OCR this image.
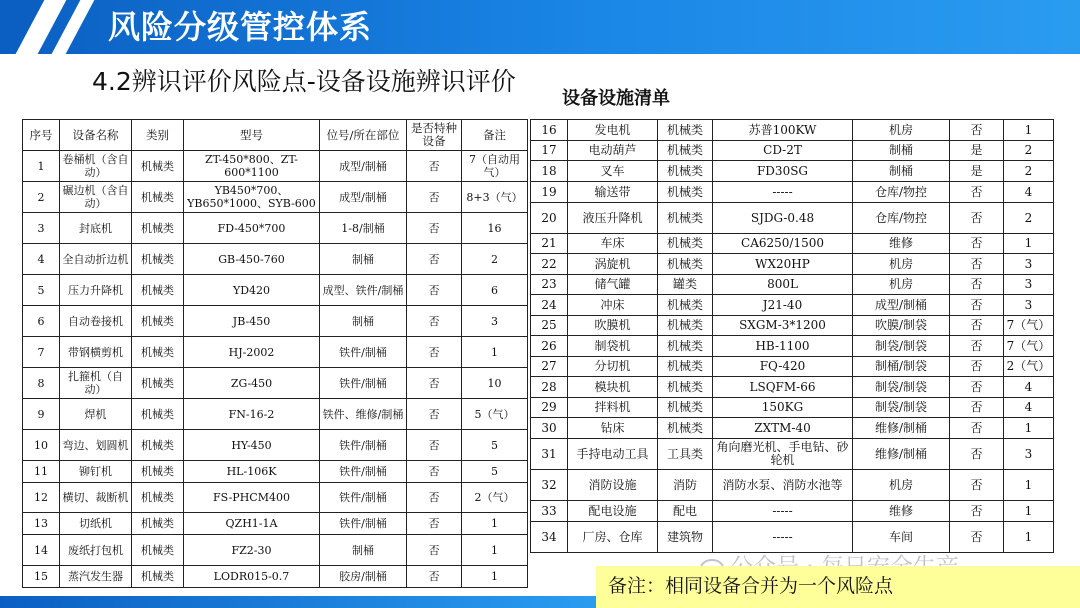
风险分级管控体系
4.2辨识评价风险点-设备设施辨识评价
设备设施清单
序号	设备名称	类别	型号	位号/所在部位	是否特种设备	备注
1	卷桶机（含自动）	机械类	ZT-450*800、ZT-600*1100	成型/制桶	否	7（自动用气）
2	碾边机（含自动）	机械类	YB450*700、YB650*1000、SYB-600	成型/制桶	否	8+3（气）
3	封底机	机械类	FD-450*700	1-8/制桶	否	16
4	全自动折边机	机械类	GB-450-760	制桶	否	2
5	压力升降机	机械类	YD420	成型、铁件/制桶	否	6
6	自动卷接机	机械类	JB-450	制桶	否	3
7	带钢横剪机	机械类	HJ-2002	铁件/制桶	否	1
8	扎箍机（自动）	机械类	ZG-450	铁件/制桶	否	10
9	焊机	机械类	FN-16-2	铁件、维修/制桶	否	5（气）
10	弯边、划圆机	机械类	HY-450	铁件/制桶	否	5
11	铆钉机	机械类	HL-106K	铁件/制桶	否	5
12	横切、裁断机	机械类	FS-PHCM400	铁件/制桶	否	2（气）
13	切纸机	机械类	QZH1-1A	铁件/制桶	否	1
14	废纸打包机	机械类	FZ2-30	制桶	否	1
15	蒸汽发生器	机械类	LODR015-0.7	胶房/制桶	否	1
16	发电机	机械类	苏普100KW	机房	否	1
17	电动葫芦	机械类	CD-2T	制桶	是	2
18	叉车	机械类	FD30SG	制桶	是	2
19	输送带	机械类	-----	仓库/物控	否	4
20	液压升降机	机械类	SJDG-0.48	仓库/物控	否	2
21	车床	机械类	CA6250/1500	维修	否	1
22	涡旋机	机械类	WX20HP	机房	否	3
23	储气罐	罐类	800L	机房	否	3
24	冲床	机械类	J21-40	成型/制桶	否	3
25	吹膜机	机械类	SXGM-3*1200	吹膜/制袋	否	7（气）
26	制袋机	机械类	HB-1100	制袋/制袋	否	7（气）
27	分切机	机械类	FQ-420	制桶/制袋	否	2（气）
28	模块机	机械类	LSQFM-66	制袋/制袋	否	4
29	拌料机	机械类	150KG	制袋/制袋	否	4
30	钻床	机械类	ZXTM-40	维修/制桶	否	1
31	手持电动工具	工具类	角向磨光机、手电钻、砂轮机	维修/制桶	否	3
32	消防设施	消防	消防水泵、消防水池等	机房	否	1
33	配电设施	配电	-----	维修	否	1
34	厂房、仓库	建筑物	-----	车间	否	1
备注：相同设备合并为一个风险点
